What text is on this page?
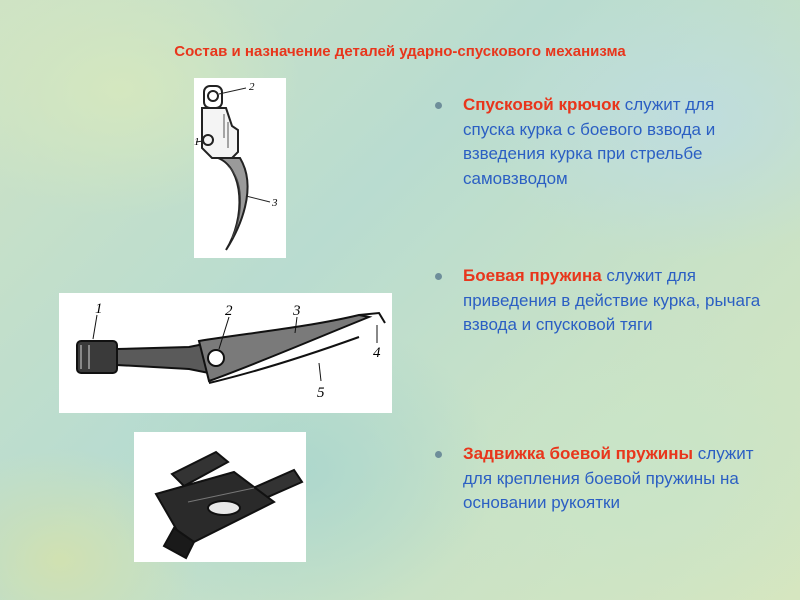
Состав и назначение деталей ударно-спускового механизма
2
1
3
1	2	3
4
5
Спусковой крючок служит для спуска курка с боевого взвода и взведения курка при стрельбе самовзводом
Боевая пружина служит для приведения в действие курка, рычага взвода и спусковой тяги
Задвижка боевой пружины служит для крепления боевой пружины на основании рукоятки
